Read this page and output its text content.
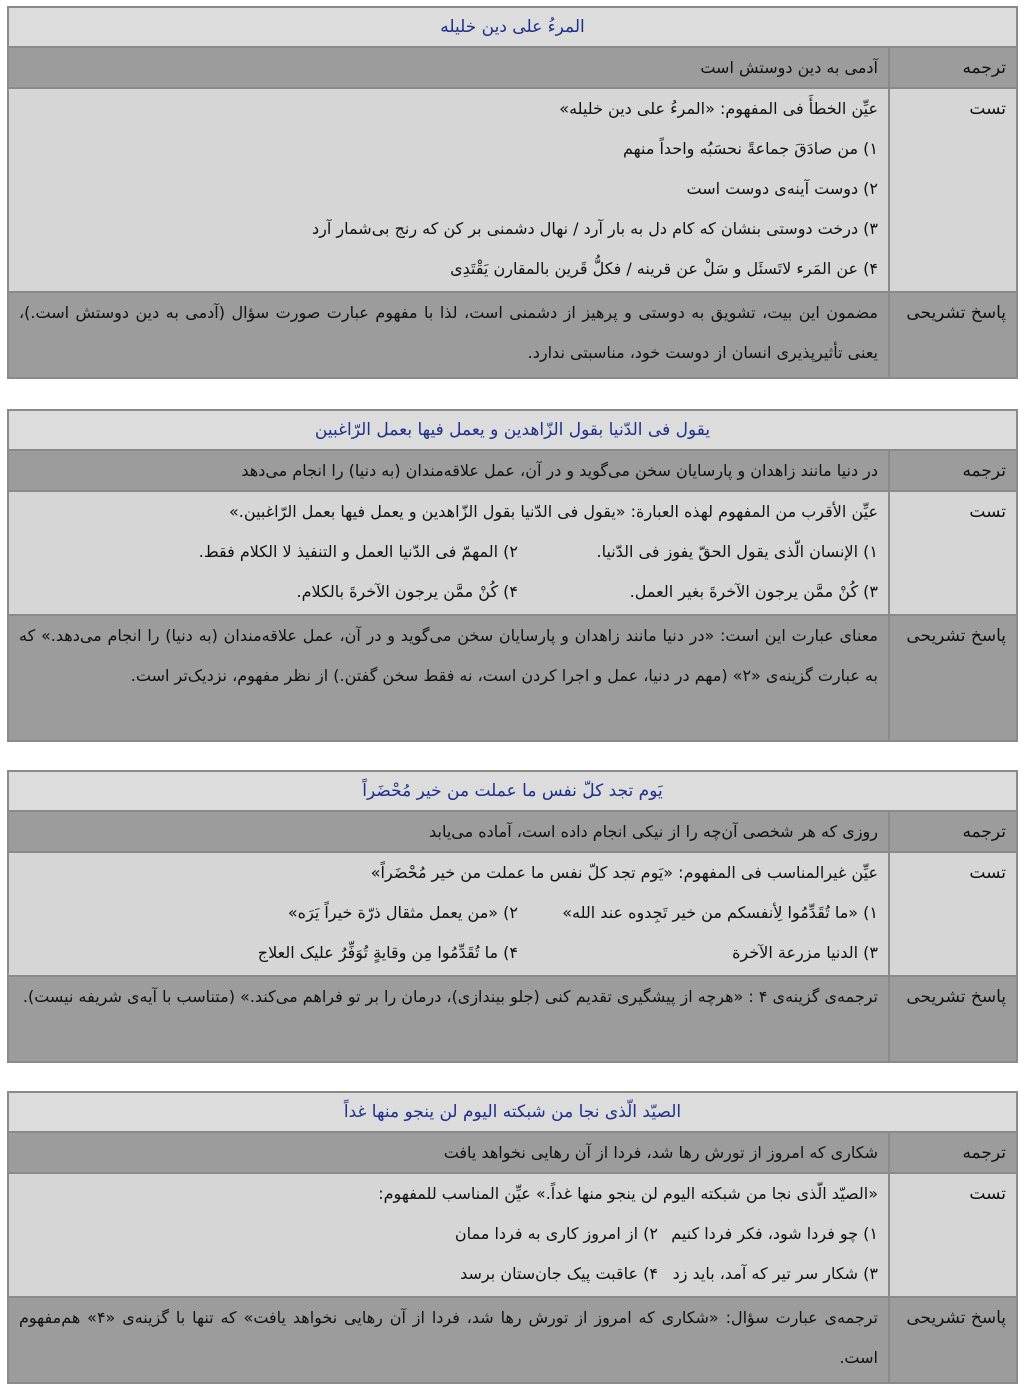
المرءُ علی دین خلیله
ترجمه
آدمی به دین دوستش است
تست
عیِّن الخطأَ فی المفهوم: «المرءُ علی دین خلیله»
۱) من صادَقَ جماعةً نحسَبُه واحداً منهم
۲) دوست آینه‌ی دوست است
۳) درخت دوستی بنشان که کام دل به بار آرد / نهال دشمنی بر کن که رنج بی‌شمار آرد
۴) عن المَرء لاتَسئَل و سَلْ عن قرینه / فکلُّ قَرین بالمقارن یَقْتَدِی
پاسخ تشریحی
مضمون این بیت، تشویق به دوستی و پرهیز از دشمنی است، لذا با مفهوم عبارت صورت سؤال (آدمی به دین دوستش است.)، یعنی تأثیرپذیری انسان از دوست خود، مناسبتی ندارد.
یقول فی الدّنیا بقول الزّاهدین و یعمل فیها بعمل الرّاغبین
ترجمه
در دنیا مانند زاهدان و پارسایان سخن می‌گوید و در آن، عمل علاقه‌مندان (به دنیا) را انجام می‌دهد
تست
عیِّن الأقرب من المفهوم لهذه العبارة: «یقول فی الدّنیا بقول الزّاهدین و یعمل فیها بعمل الرّاغبین.»
۱) الإنسان الّذی یقول الحقّ یفوز فی الدّنیا.
۲) المهمّ فی الدّنیا العمل و التنفیذ لا الکلام فقط.
۳) کُنْ ممَّن یرجون الآخرةَ بغیر العمل.
۴) کُنْ ممَّن یرجون الآخرةَ بالکلام.
پاسخ تشریحی
معنای عبارت این است: «در دنیا مانند زاهدان و پارسایان سخن می‌گوید و در آن، عمل علاقه‌مندان (به دنیا) را انجام می‌دهد.» که به عبارت گزینه‌ی «۲» (مهم در دنیا، عمل و اجرا کردن است، نه فقط سخن گفتن.) از نظر مفهوم، نزدیک‌تر است.
یَوم تجد کلّ نفس ما عملت من خیر مُحْضَراً
ترجمه
روزی که هر شخصی آن‌چه را از نیکی انجام داده است، آماده می‌یابد
تست
عیِّن غیرالمناسب فی المفهوم: «یَوم تجد کلّ نفس ما عملت من خیر مُحْضَراً»
۱) «ما تُقَدِّمُوا لِأنفسکم من خیر تَجِدوه عند الله»
۲) «من یعمل مثقال ذرّة خیراً یَرَه»
۳) الدنیا مزرعة الآخرة
۴) ما تُقَدِّمُوا مِن وقایةٍ تُوَفِّرُ علیک العلاج
پاسخ تشریحی
ترجمه‌ی گزینه‌ی ۴ : «هرچه از پیشگیری تقدیم کنی (جلو بیندازی)، درمان را بر تو فراهم می‌کند.» (متناسب با آیه‌ی شریفه نیست).
الصیّد الّذی نجا من شبکته الیوم لن ینجو منها غداً
ترجمه
شکاری که امروز از تورش رها شد، فردا از آن رهایی نخواهد یافت
تست
«الصیّد الّذی نجا من شبکته الیوم لن ینجو منها غداً.» عیِّن المناسب للمفهوم:
۱) چو فردا شود، فکر فردا کنیم
۲) از امروز کاری به فردا ممان
۳) شکار سر تیر که آمد، باید زد
۴) عاقبت پیک جان‌ستان برسد
پاسخ تشریحی
ترجمه‌ی عبارت سؤال: «شکاری که امروز از تورش رها شد، فردا از آن رهایی نخواهد یافت» که تنها با گزینه‌ی «۴» هم‌مفهوم است.
